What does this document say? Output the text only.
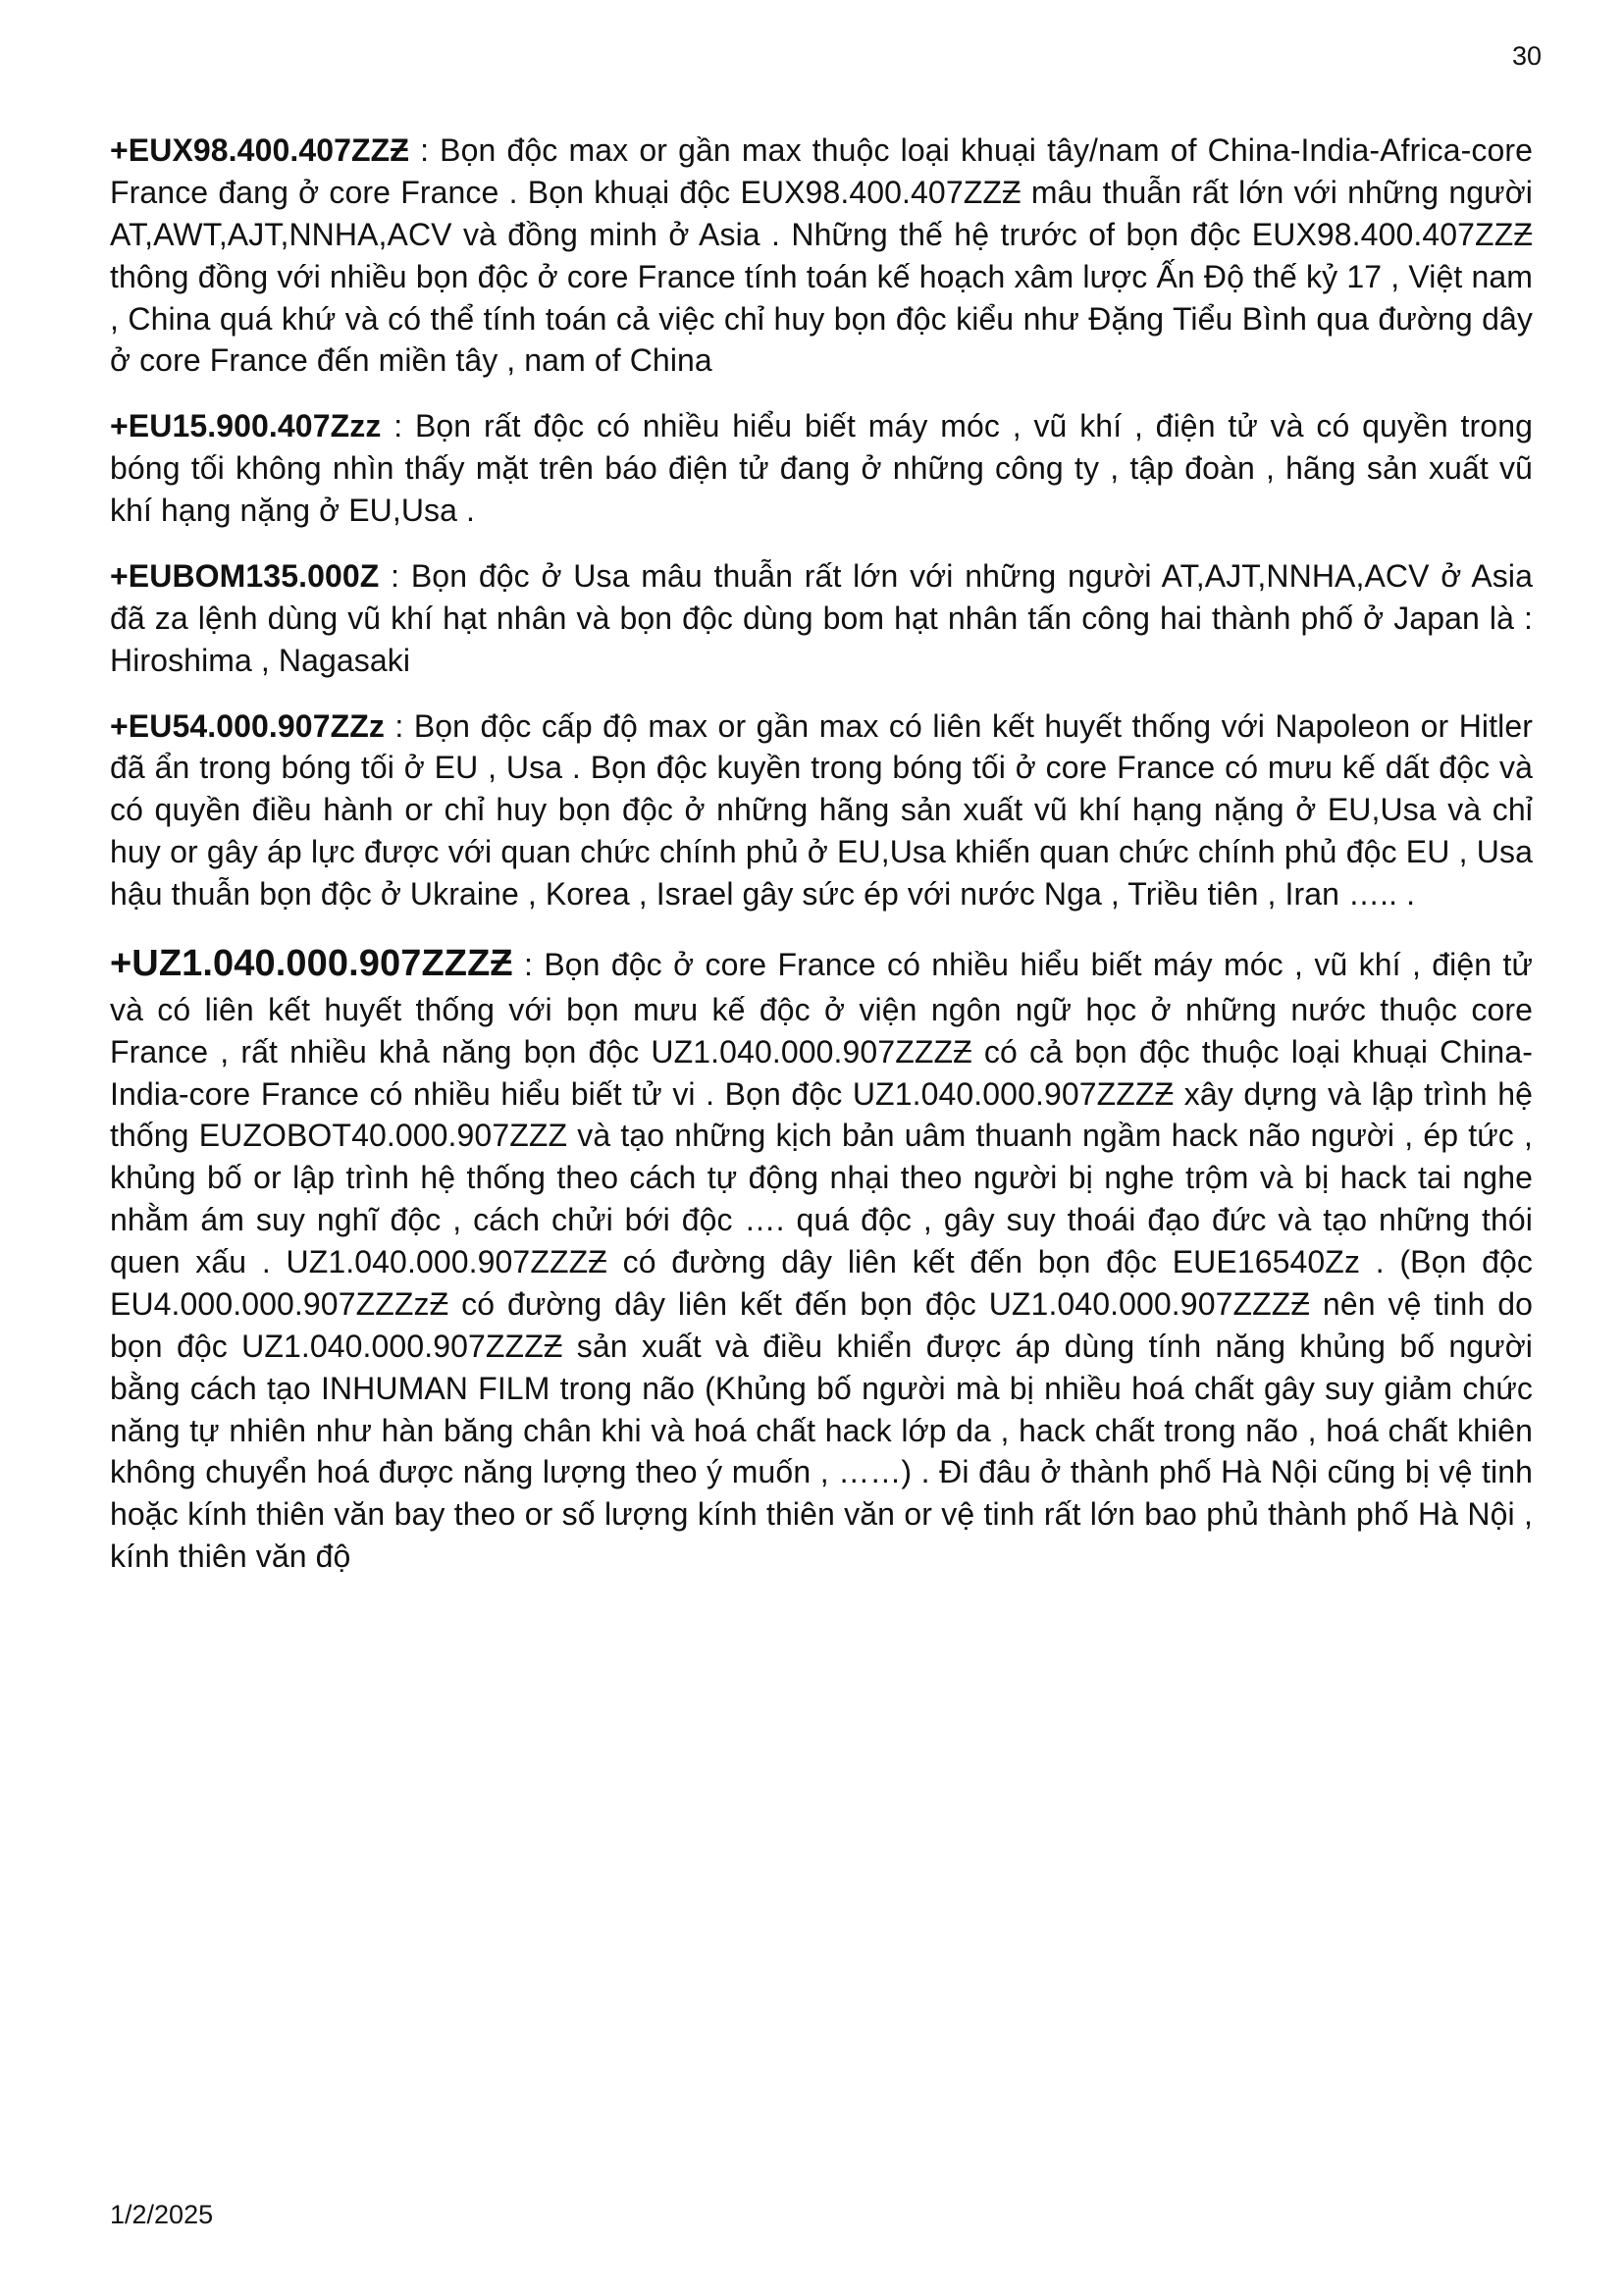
30

+EUX98.400.407ZZƵ : Bọn độc max or gần max thuộc loại khuại tây/nam of China-India-Africa-core France đang ở core France . Bọn khuại độc EUX98.400.407ZZƵ mâu thuẫn rất lớn với những người AT,AWT,AJT,NNHA,ACV và đồng minh ở Asia . Những thế hệ trước of bọn độc EUX98.400.407ZZƵ thông đồng với nhiều bọn độc ở core France tính toán kế hoạch xâm lược Ấn Độ thế kỷ 17 , Việt nam , China quá khứ và có thể tính toán cả việc chỉ huy bọn độc kiểu như Đặng Tiểu Bình qua đường dây ở core France đến miền tây , nam of China

+EU15.900.407Zᴢz : Bọn rất độc có nhiều hiểu biết máy móc , vũ khí , điện tử và có quyền trong bóng tối không nhìn thấy mặt trên báo điện tử đang ở những công ty , tập đoàn , hãng sản xuất vũ khí hạng nặng ở EU,Usa .

+EUBOM135.000Z : Bọn độc ở Usa mâu thuẫn rất lớn với những người AT,AJT,NNHA,ACV ở Asia đã za lệnh dùng vũ khí hạt nhân và bọn độc dùng bom hạt nhân tấn công hai thành phố ở Japan là : Hiroshima , Nagasaki

+EU54.000.907ZZz : Bọn độc cấp độ max or gần max có liên kết huyết thống với Napoleon or Hitler đã ẩn trong bóng tối ở EU , Usa . Bọn độc kuyền trong bóng tối ở core France có mưu kế dất độc và có quyền điều hành or chỉ huy bọn độc ở những hãng sản xuất vũ khí hạng nặng ở EU,Usa và chỉ huy or gây áp lực được với quan chức chính phủ ở EU,Usa khiến quan chức chính phủ độc EU , Usa hậu thuẫn bọn độc ở Ukraine , Korea , Israel gây sức ép với nước Nga , Triều tiên , Iran ….. .

+UZ1.040.000.907ZZZƵ : Bọn độc ở core France có nhiều hiểu biết máy móc , vũ khí , điện tử và có liên kết huyết thống với bọn mưu kế độc ở viện ngôn ngữ học ở những nước thuộc core France , rất nhiều khả năng bọn độc UZ1.040.000.907ZZZƵ có cả bọn độc thuộc loại khuại China-India-core France có nhiều hiểu biết tử vi . Bọn độc UZ1.040.000.907ZZZƵ xây dựng và lập trình hệ thống EUZOBOT40.000.907ZZZ và tạo những kịch bản uâm thuanh ngầm hack não người , ép tức , khủng bố or lập trình hệ thống theo cách tự động nhại theo người bị nghe trộm và bị hack tai nghe nhằm ám suy nghĩ độc , cách chửi bới độc …. quá độc , gây suy thoái đạo đức và tạo những thói quen xấu . UZ1.040.000.907ZZZƵ có đường dây liên kết đến bọn độc EUE16540Zz . (Bọn độc EU4.000.000.907ZZZzƵ có đường dây liên kết đến bọn độc UZ1.040.000.907ZZZƵ nên vệ tinh do bọn độc UZ1.040.000.907ZZZƵ sản xuất và điều khiển được áp dùng tính năng khủng bố người bằng cách tạo INHUMAN FILM trong não (Khủng bố người mà bị nhiều hoá chất gây suy giảm chức năng tự nhiên như hàn băng chân khi và hoá chất hack lớp da , hack chất trong não , hoá chất khiên không chuyển hoá được năng lượng theo ý muốn , ……) . Đi đâu ở thành phố Hà Nội cũng bị vệ tinh hoặc kính thiên văn bay theo or số lượng kính thiên văn or vệ tinh rất lớn bao phủ thành phố Hà Nội , kính thiên văn độ

1/2/2025
